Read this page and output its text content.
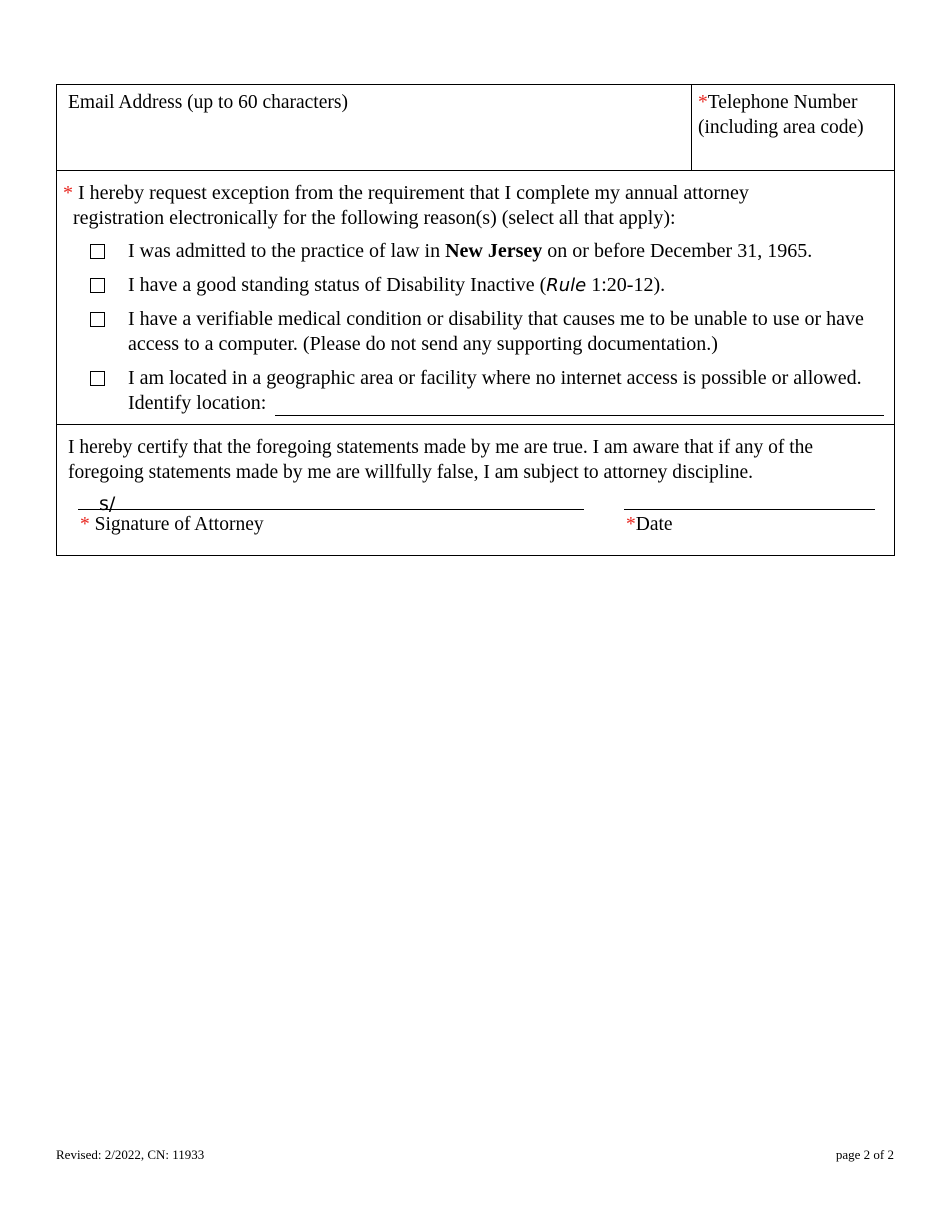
Email Address (up to 60 characters)	*Telephone Number
(including area code)
* I hereby request exception from the requirement that I complete my annual attorney
registration electronically for the following reason(s) (select all that apply):
I was admitted to the practice of law in New Jersey on or before December 31, 1965.
I have a good standing status of Disability Inactive (Rule 1:20-12).
I have a verifiable medical condition or disability that causes me to be unable to use or have access to a computer. (Please do not send any supporting documentation.)
I am located in a geographic area or facility where no internet access is possible or allowed.
Identify location:
I hereby certify that the foregoing statements made by me are true. I am aware that if any of the foregoing statements made by me are willfully false, I am subject to attorney discipline.
s/
* Signature of Attorney	*Date
Revised: 2/2022, CN: 11933	page 2 of 2
